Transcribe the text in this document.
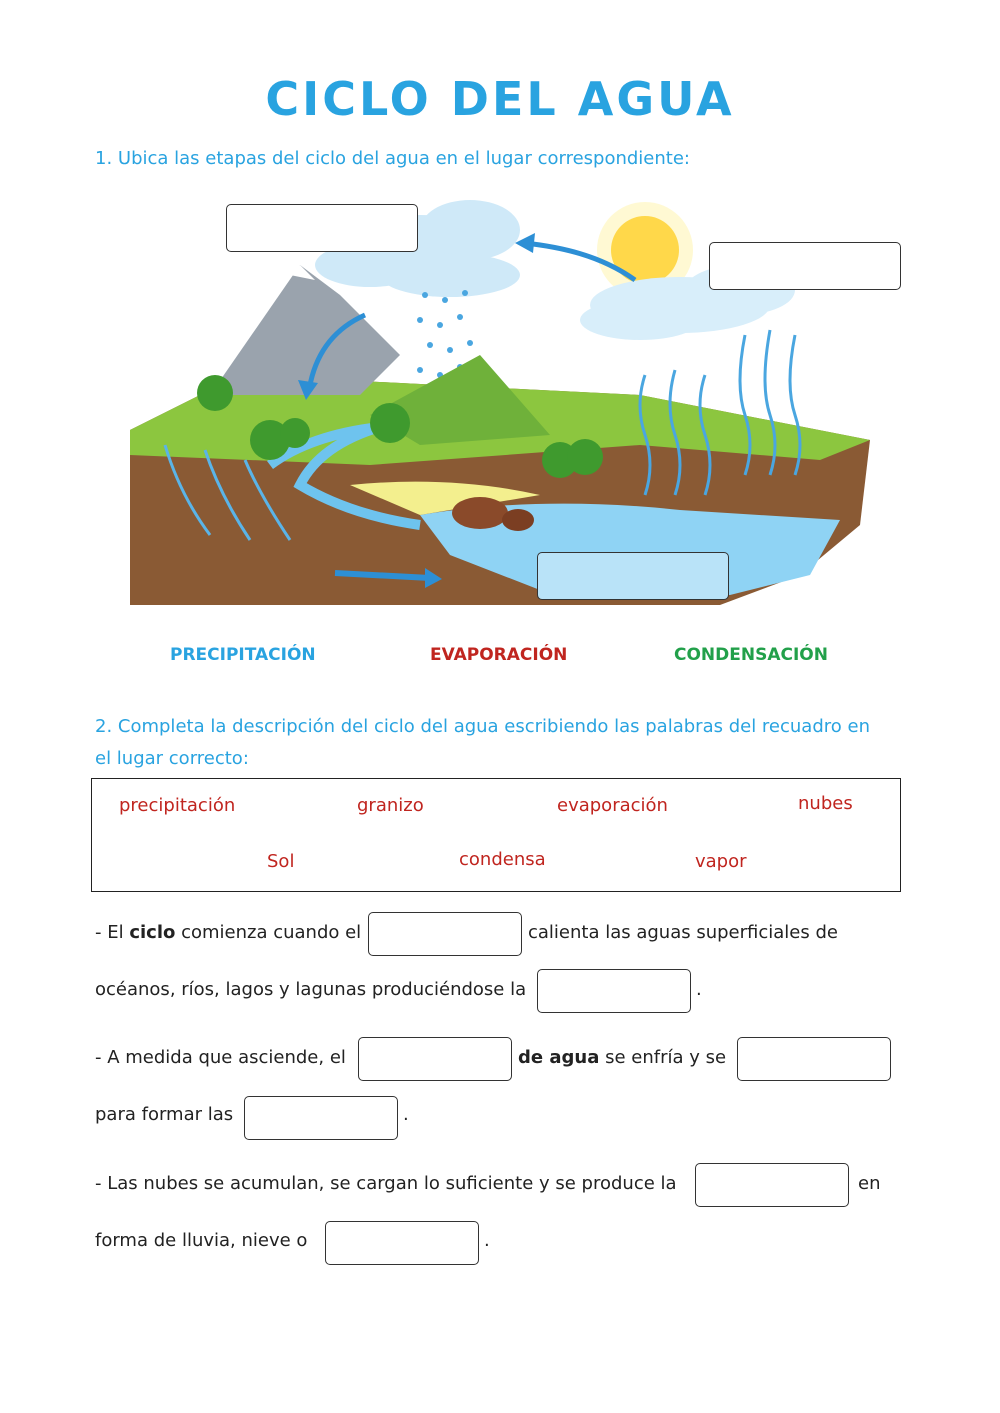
CICLO DEL AGUA
1. Ubica las etapas del ciclo del agua en el lugar correspondiente:
PRECIPITACIÓN	EVAPORACIÓN	CONDENSACIÓN
2. Completa la descripción del ciclo del agua escribiendo las palabras del recuadro en
el lugar correcto:
precipitación	granizo	evaporación	nubes
Sol	condensa	vapor
- El ciclo comienza cuando el	calienta las aguas superficiales de
océanos, ríos, lagos y lagunas produciéndose la	.
- A medida que asciende, el	de agua se enfría y se
para formar las	.
- Las nubes se acumulan, se cargan lo suficiente y se produce la	en
forma de lluvia, nieve o	.
